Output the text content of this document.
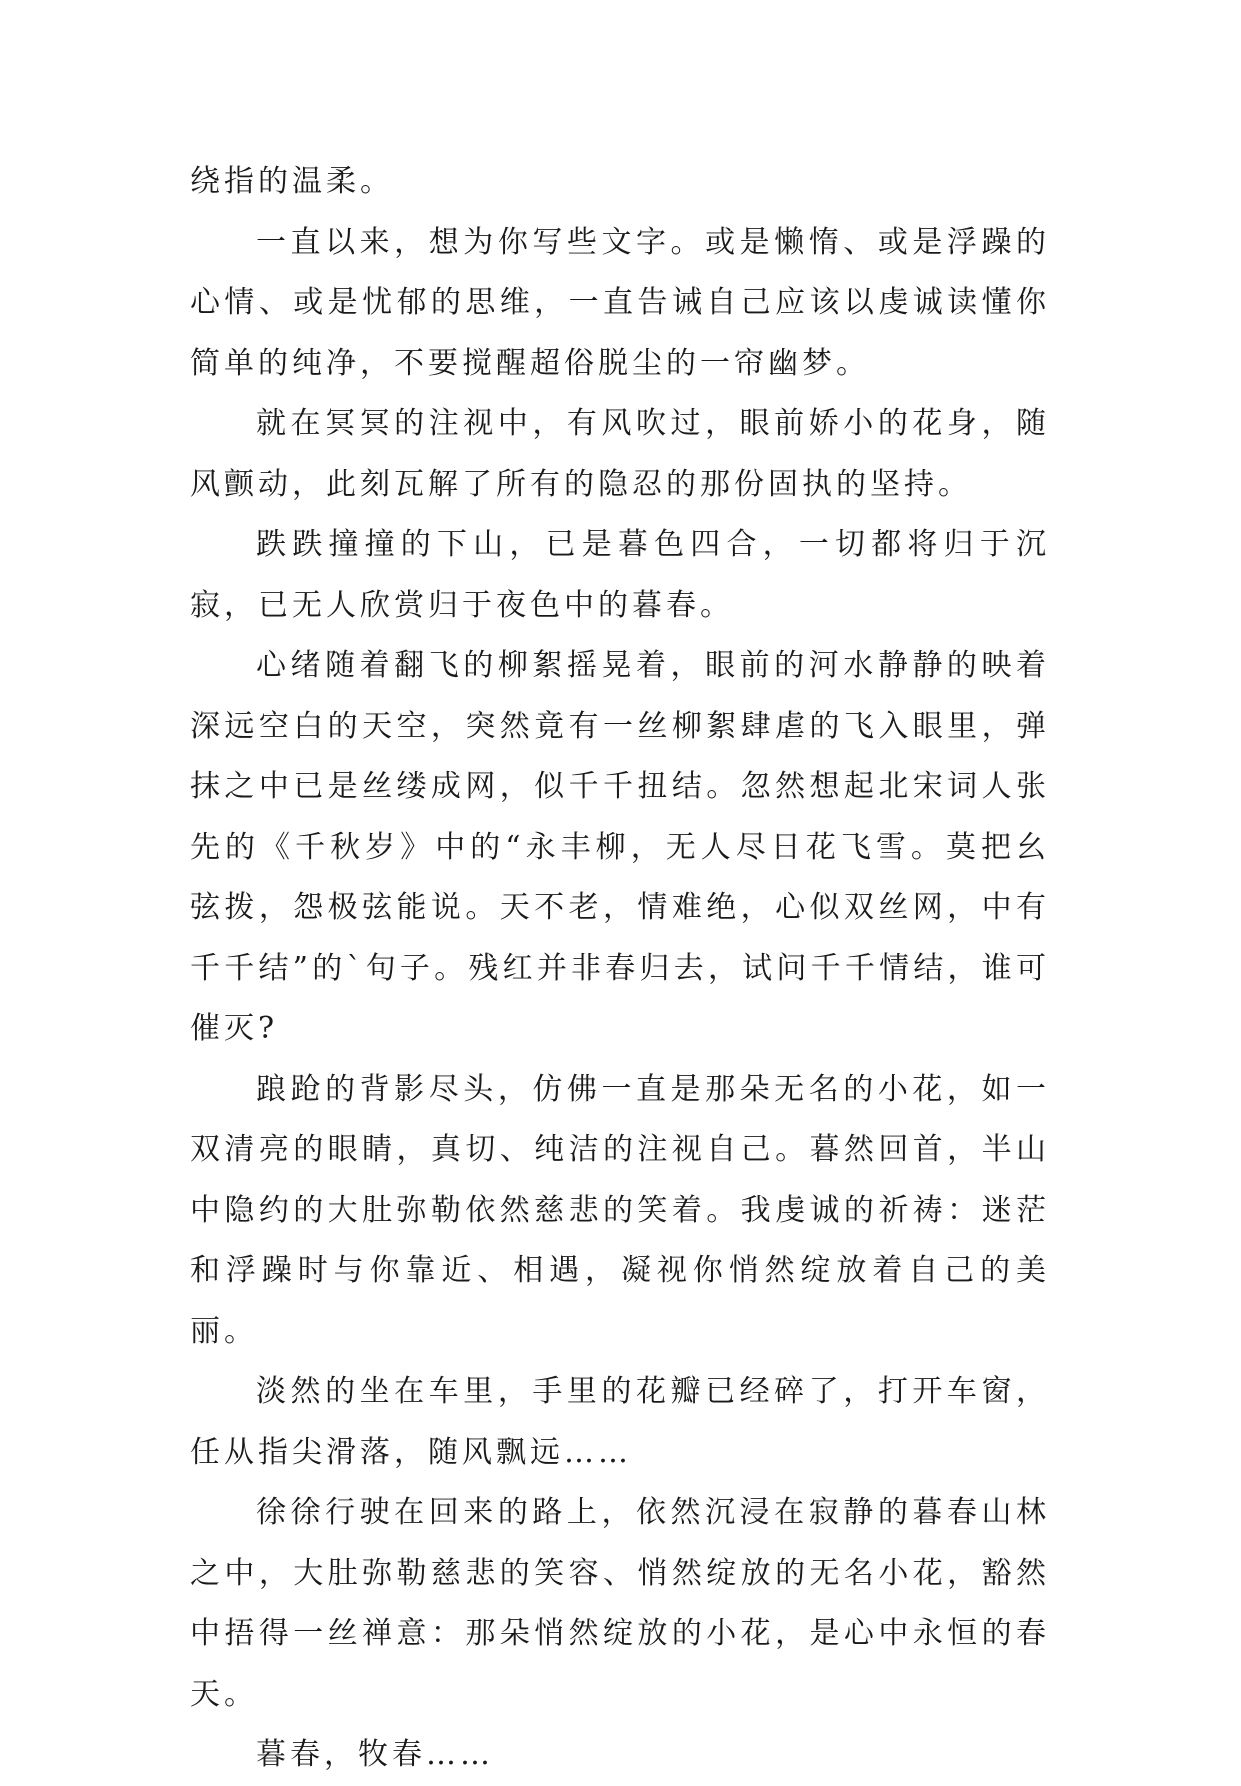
绕指的温柔。

一直以来，想为你写些文字。或是懒惰、或是浮躁的心情、或是忧郁的思维，一直告诫自己应该以虔诚读懂你简单的纯净，不要搅醒超俗脱尘的一帘幽梦。

就在冥冥的注视中，有风吹过，眼前娇小的花身，随风颤动，此刻瓦解了所有的隐忍的那份固执的坚持。

跌跌撞撞的下山，已是暮色四合，一切都将归于沉寂，已无人欣赏归于夜色中的暮春。

心绪随着翻飞的柳絮摇晃着，眼前的河水静静的映着深远空白的天空，突然竟有一丝柳絮肆虐的飞入眼里，弹抹之中已是丝缕成网，似千千扭结。忽然想起北宋词人张先的《千秋岁》中的“永丰柳，无人尽日花飞雪。莫把幺弦拨，怨极弦能说。天不老，情难绝，心似双丝网，中有千千结”的`句子。残红并非春归去，试问千千情结，谁可催灭?

踉跄的背影尽头，仿佛一直是那朵无名的小花，如一双清亮的眼睛，真切、纯洁的注视自己。暮然回首，半山中隐约的大肚弥勒依然慈悲的笑着。我虔诚的祈祷：迷茫和浮躁时与你靠近、相遇，凝视你悄然绽放着自己的美丽。

淡然的坐在车里，手里的花瓣已经碎了，打开车窗，任从指尖滑落，随风飘远……

徐徐行驶在回来的路上，依然沉浸在寂静的暮春山林之中，大肚弥勒慈悲的笑容、悄然绽放的无名小花，豁然中捂得一丝禅意：那朵悄然绽放的小花，是心中永恒的春天。

暮春，牧春……
